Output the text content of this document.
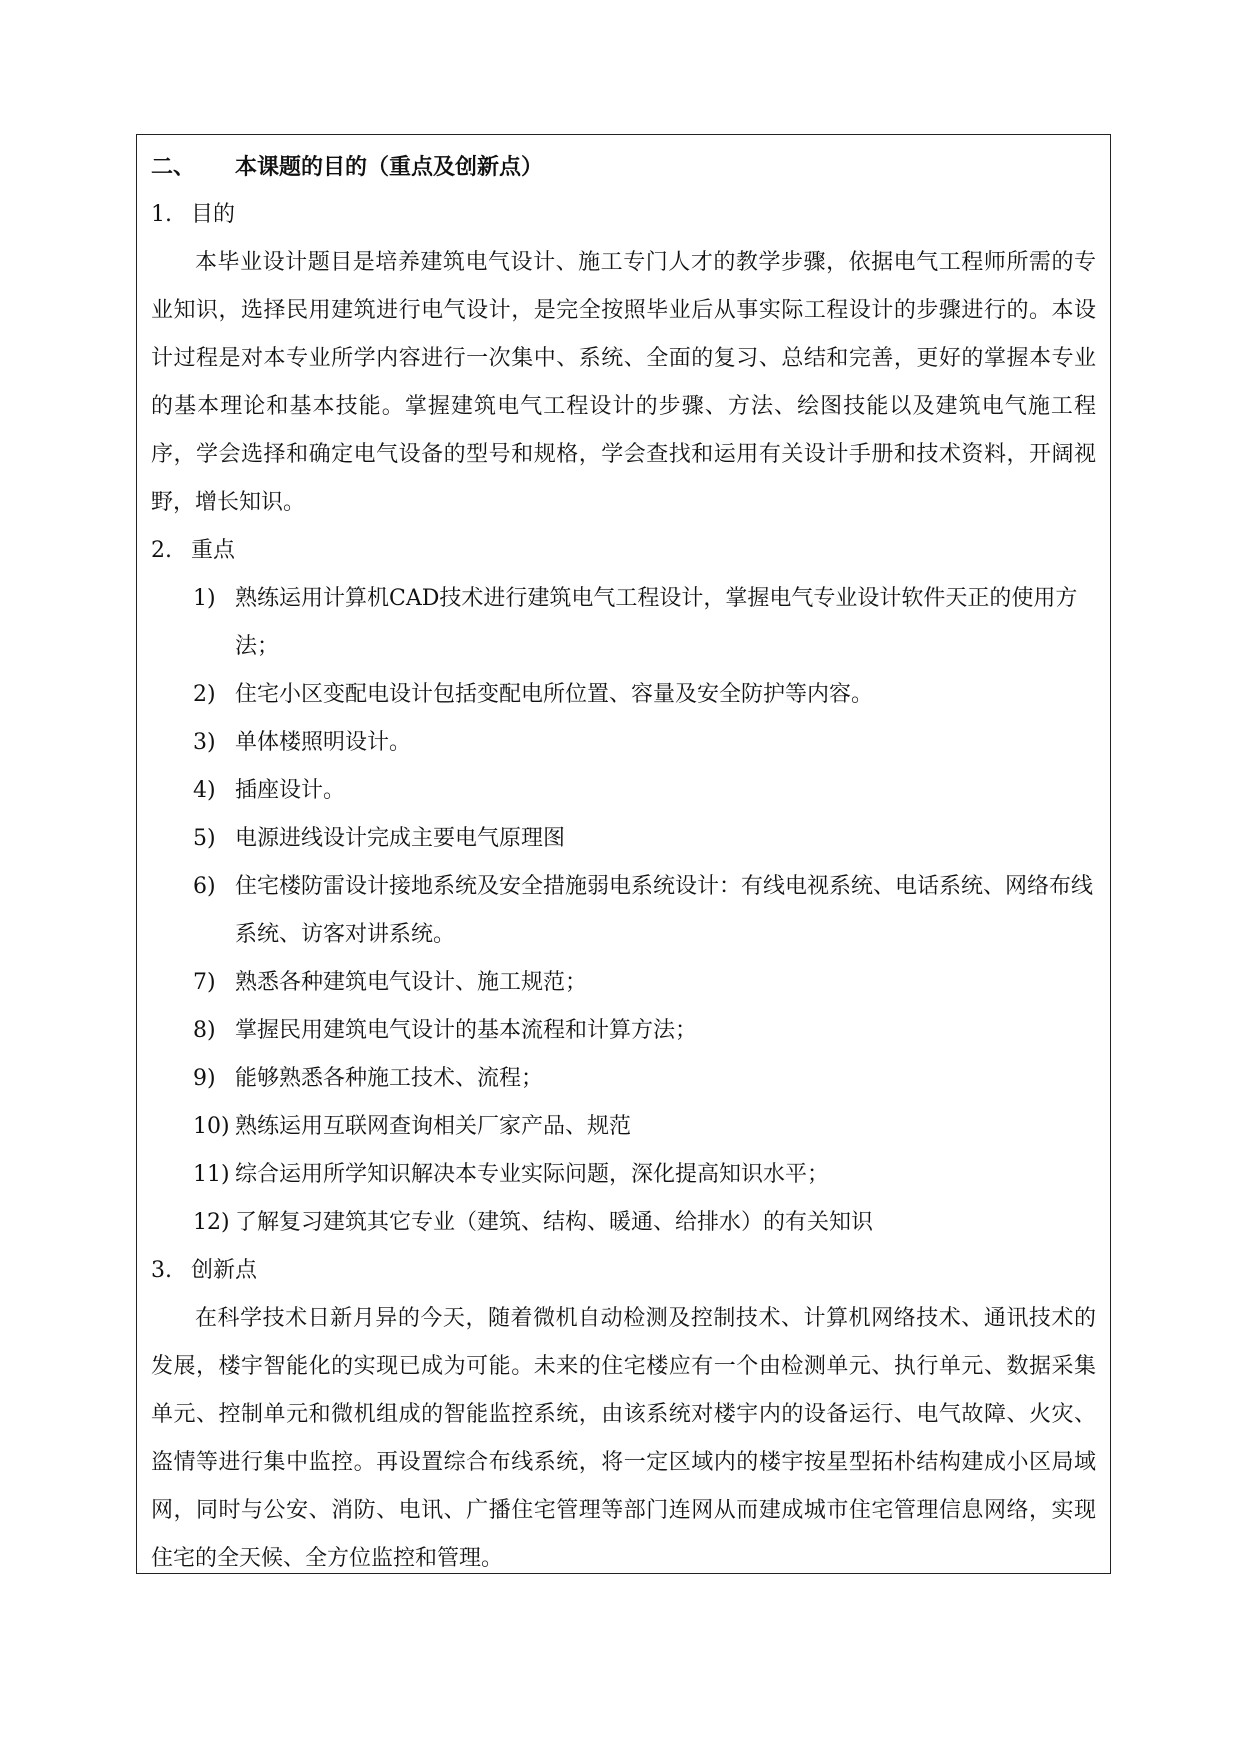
二、 本课题的目的（重点及创新点）
1. 目的

本毕业设计题目是培养建筑电气设计、施工专门人才的教学步骤，依据电气工程师所需的专业知识，选择民用建筑进行电气设计，是完全按照毕业后从事实际工程设计的步骤进行的。本设计过程是对本专业所学内容进行一次集中、系统、全面的复习、总结和完善，更好的掌握本专业的基本理论和基本技能。掌握建筑电气工程设计的步骤、方法、绘图技能以及建筑电气施工程序，学会选择和确定电气设备的型号和规格，学会查找和运用有关设计手册和技术资料，开阔视野，增长知识。

2. 重点
1) 熟练运用计算机CAD技术进行建筑电气工程设计，掌握电气专业设计软件天正的使用方法；
2) 住宅小区变配电设计包括变配电所位置、容量及安全防护等内容。
3) 单体楼照明设计。
4) 插座设计。
5) 电源进线设计完成主要电气原理图
6) 住宅楼防雷设计接地系统及安全措施弱电系统设计：有线电视系统、电话系统、网络布线系统、访客对讲系统。
7) 熟悉各种建筑电气设计、施工规范；
8) 掌握民用建筑电气设计的基本流程和计算方法；
9) 能够熟悉各种施工技术、流程；
10) 熟练运用互联网查询相关厂家产品、规范
11) 综合运用所学知识解决本专业实际问题，深化提高知识水平；
12) 了解复习建筑其它专业（建筑、结构、暖通、给排水）的有关知识
3. 创新点

在科学技术日新月异的今天，随着微机自动检测及控制技术、计算机网络技术、通讯技术的发展，楼宇智能化的实现已成为可能。未来的住宅楼应有一个由检测单元、执行单元、数据采集单元、控制单元和微机组成的智能监控系统，由该系统对楼宇内的设备运行、电气故障、火灾、盗情等进行集中监控。再设置综合布线系统，将一定区域内的楼宇按星型拓朴结构建成小区局域网，同时与公安、消防、电讯、广播住宅管理等部门连网从而建成城市住宅管理信息网络，实现住宅的全天候、全方位监控和管理。
